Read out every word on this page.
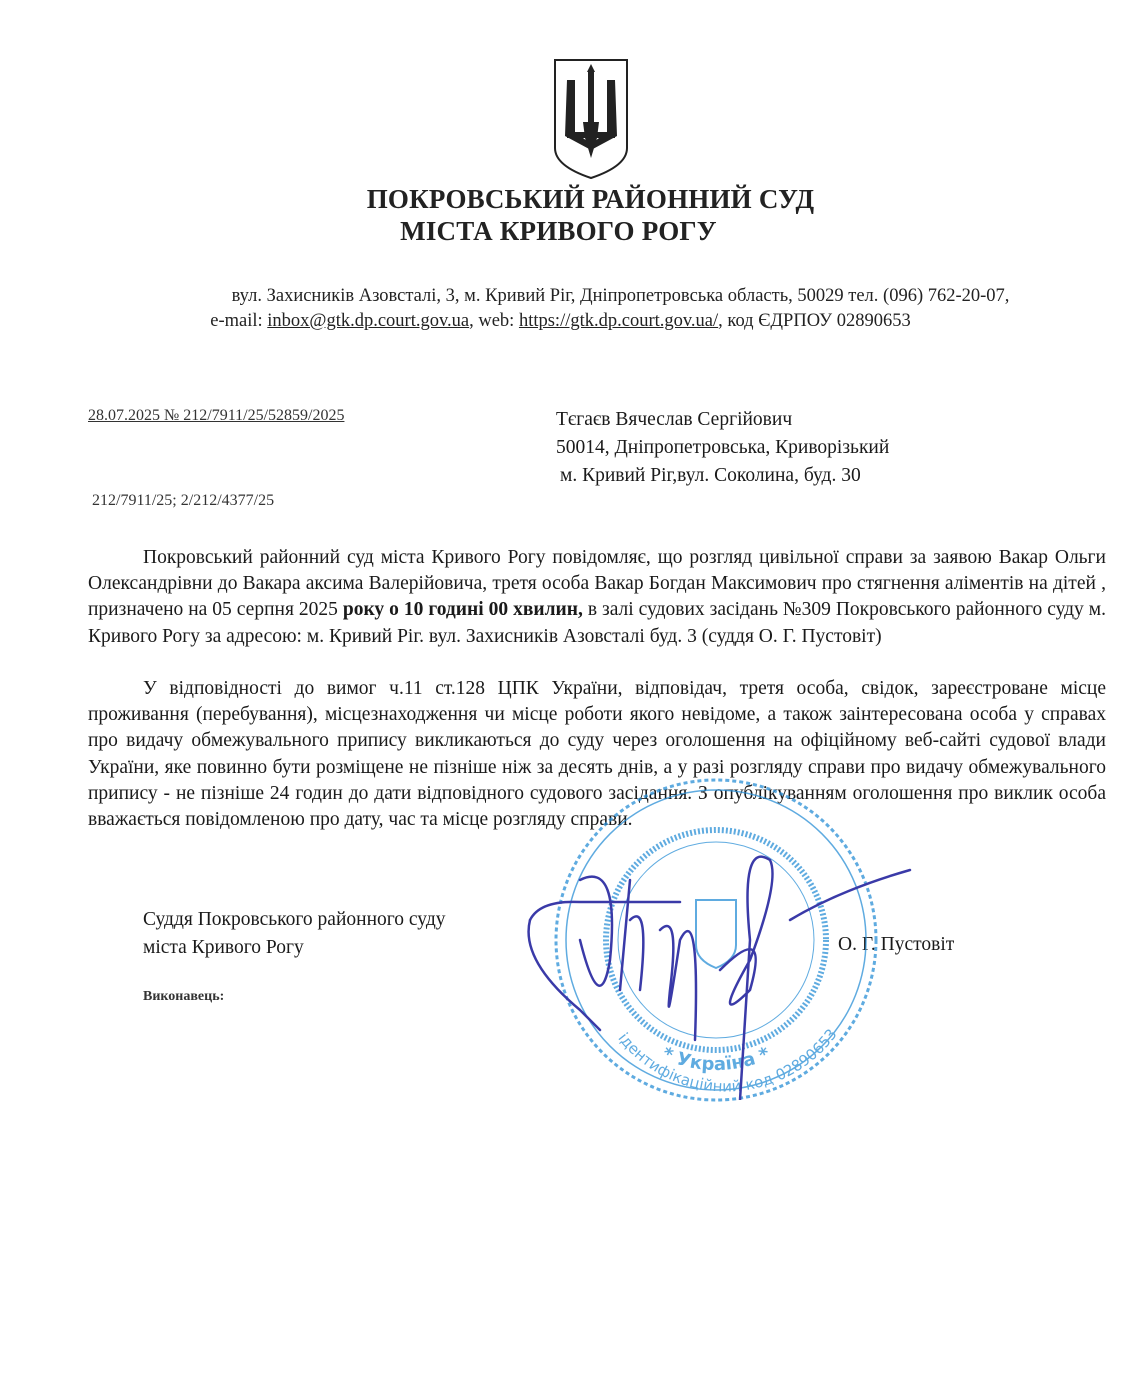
ПОКРОВСЬКИЙ РАЙОННИЙ СУД
МІСТА КРИВОГО РОГУ
вул. Захисників Азовсталі, 3, м. Кривий Ріг, Дніпропетровська область, 50029 тел. (096) 762-20-07,
e-mail: inbox@gtk.dp.court.gov.ua, web: https://gtk.dp.court.gov.ua/, код ЄДРПОУ 02890653
28.07.2025 № 212/7911/25/52859/2025	Тєгаєв Вячеслав Сергійович
50014, Дніпропетровська, Криворізький
м. Кривий Ріг,вул. Соколина, буд. 30
212/7911/25; 2/212/4377/25
Покровський районний суд міста Кривого Рогу повідомляє, що розгляд цивільної справи за заявою Вакар Ольги Олександрівни до Вакара аксима Валерійовича, третя особа Вакар Богдан Максимович про стягнення аліментів на дітей , призначено на 05 серпня 2025 року о 10 годині 00 хвилин, в залі судових засідань №309 Покровського районного суду м. Кривого Рогу за адресою: м. Кривий Ріг. вул. Захисників Азовсталі буд. 3 (суддя О. Г. Пустовіт)
У відповідності до вимог ч.11 ст.128 ЦПК України, відповідач, третя особа, свідок, зареєстроване місце проживання (перебування), місцезнаходження чи місце роботи якого невідоме, а також заінтересована особа у справах про видачу обмежувального припису викликаються до суду через оголошення на офіційному веб-сайті судової влади України, яке повинно бути розміщене не пізніше ніж за десять днів, а у разі розгляду справи про видачу обмежувального припису - не пізніше 24 годин до дати відповідного судового засідання. З опублікуванням оголошення про виклик особа вважається повідомленою про дату, час та місце розгляду справи.
Суддя Покровського районного суду
міста Кривого Рогу	О. Г. Пустовіт
Виконавець:
* Україна *
ідентифікаційний код 02890653
